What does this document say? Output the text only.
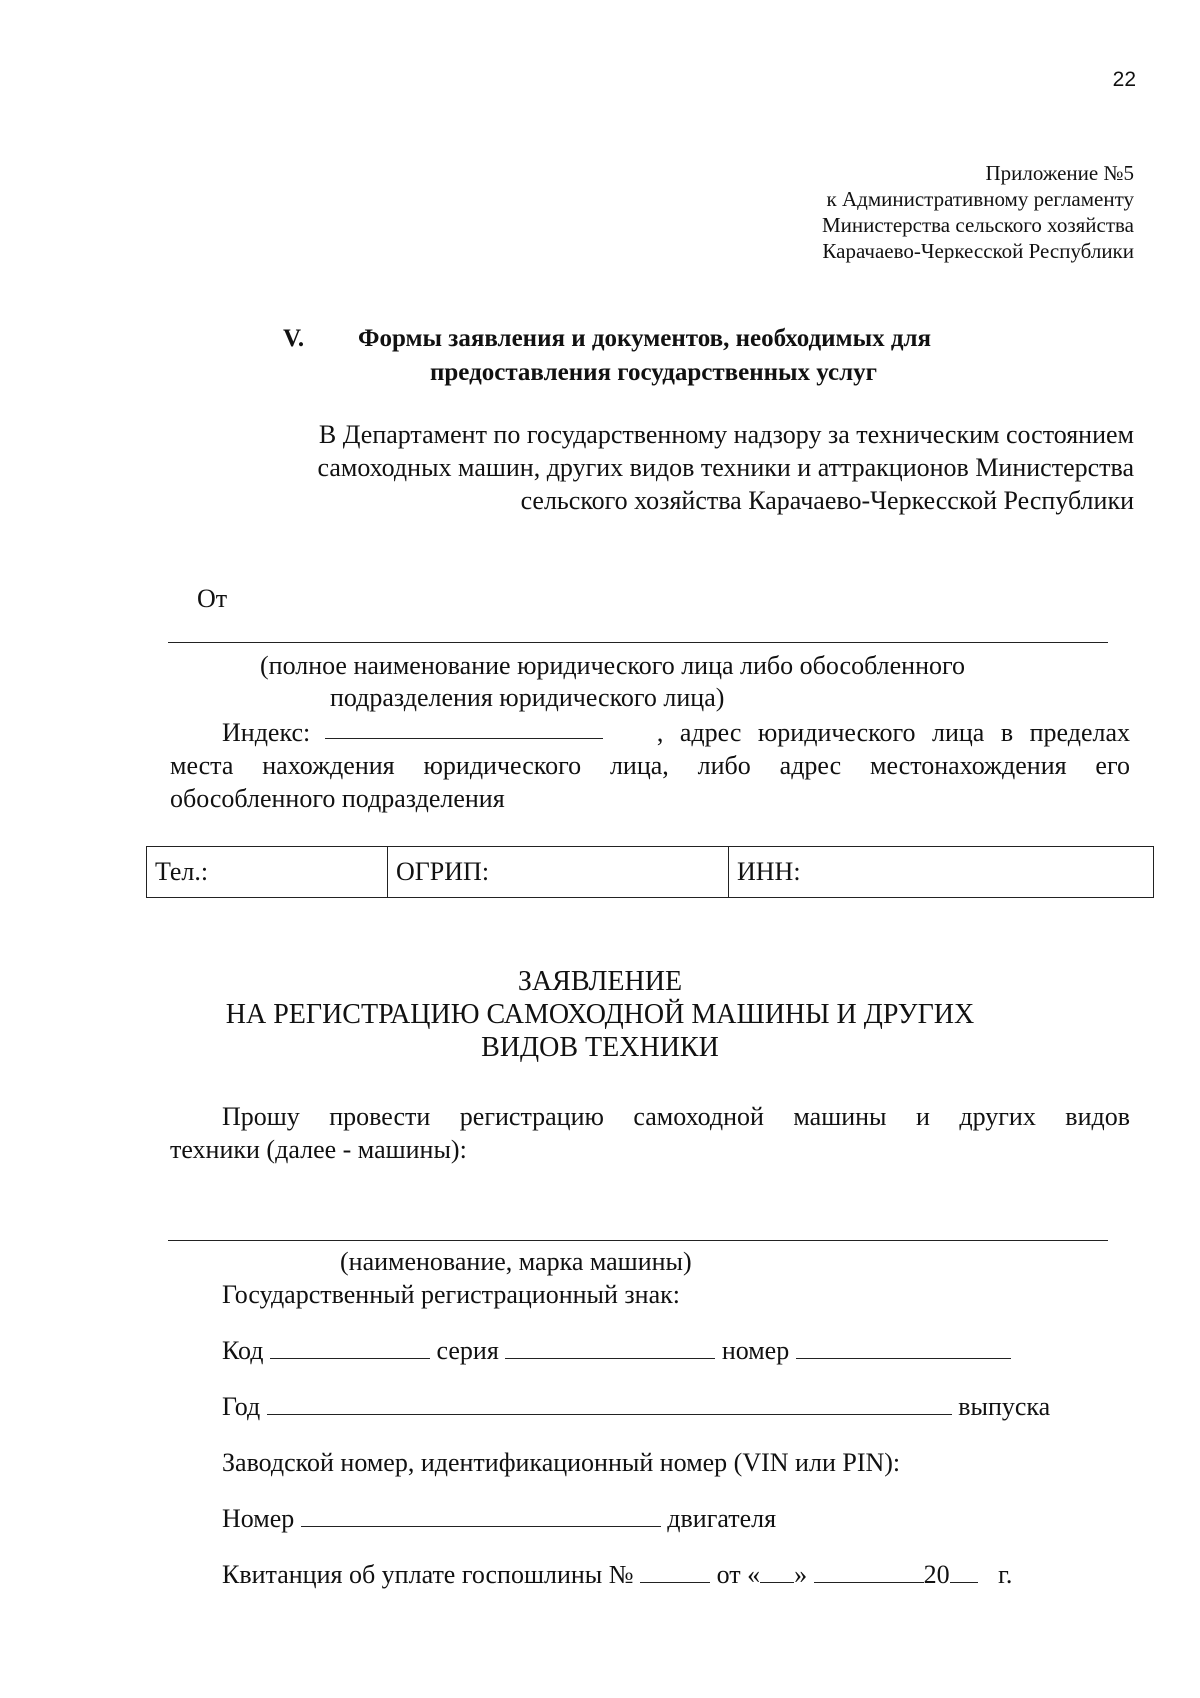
22
Приложение №5
к Административному регламенту
Министерства сельского хозяйства
Карачаево-Черкесской Республики
V. Формы заявления и документов, необходимых для
предоставления государственных услуг
В Департамент по государственному надзору за техническим состоянием
самоходных машин, других видов техники и аттракционов Министерства
сельского хозяйства Карачаево-Черкесской Республики
От
(полное наименование юридического лица либо обособленного
подразделения юридического лица)
Индекс:	, адрес юридического лица в пределах
места нахождения юридического лица, либо адрес местонахождения его
обособленного подразделения
Тел.:	ОГРИП:	ИНН:
ЗАЯВЛЕНИЕ
НА РЕГИСТРАЦИЮ САМОХОДНОЙ МАШИНЫ И ДРУГИХ
ВИДОВ ТЕХНИКИ
Прошу провести регистрацию самоходной машины и других видов
техники (далее - машины):
(наименование, марка машины)
Государственный регистрационный знак:
Код	серия	номер
Год	выпуска
Заводской номер, идентификационный номер (VIN или PIN):
Номер	двигателя
Квитанция об уплате госпошлины №	от « »	20 г.
